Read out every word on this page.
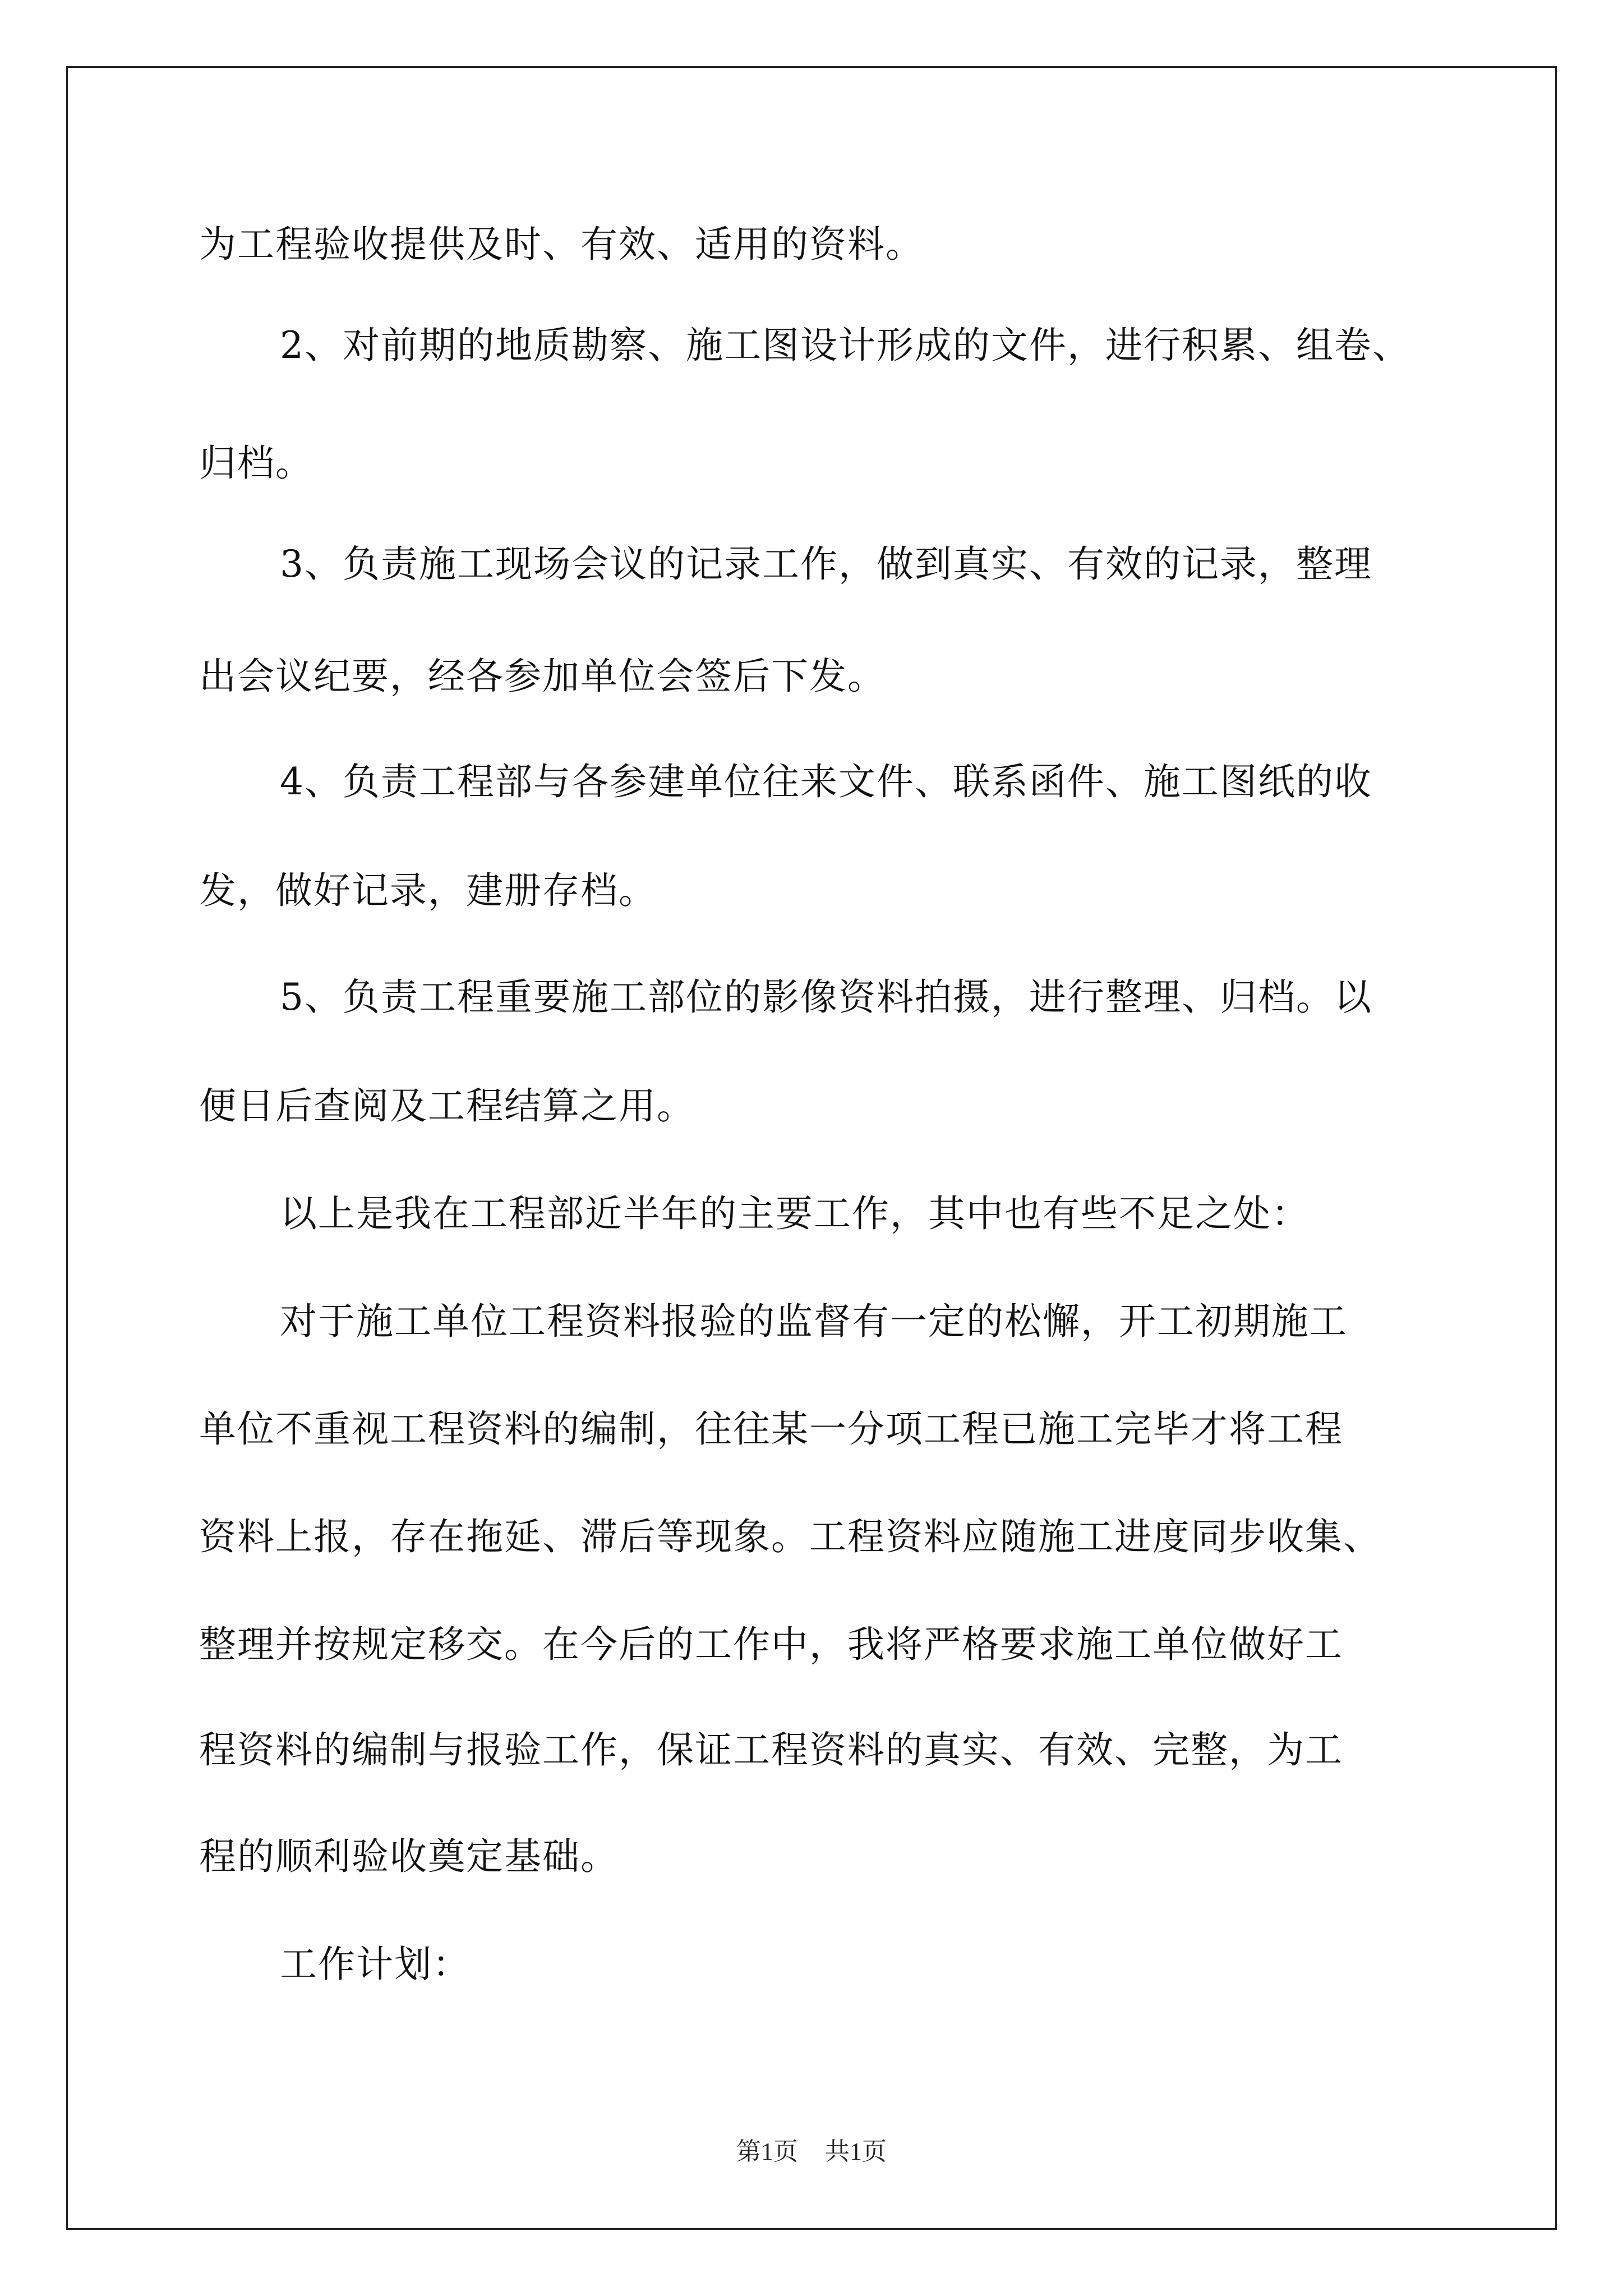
为工程验收提供及时、有效、适用的资料。
2、对前期的地质勘察、施工图设计形成的文件，进行积累、组卷、
归档。
3、负责施工现场会议的记录工作，做到真实、有效的记录，整理
出会议纪要，经各参加单位会签后下发。
4、负责工程部与各参建单位往来文件、联系函件、施工图纸的收
发，做好记录，建册存档。
5、负责工程重要施工部位的影像资料拍摄，进行整理、归档。以
便日后查阅及工程结算之用。
以上是我在工程部近半年的主要工作，其中也有些不足之处：
对于施工单位工程资料报验的监督有一定的松懈，开工初期施工
单位不重视工程资料的编制，往往某一分项工程已施工完毕才将工程
资料上报，存在拖延、滞后等现象。工程资料应随施工进度同步收集、
整理并按规定移交。在今后的工作中，我将严格要求施工单位做好工
程资料的编制与报验工作，保证工程资料的真实、有效、完整，为工
程的顺利验收奠定基础。
工作计划：
第1页 共1页
